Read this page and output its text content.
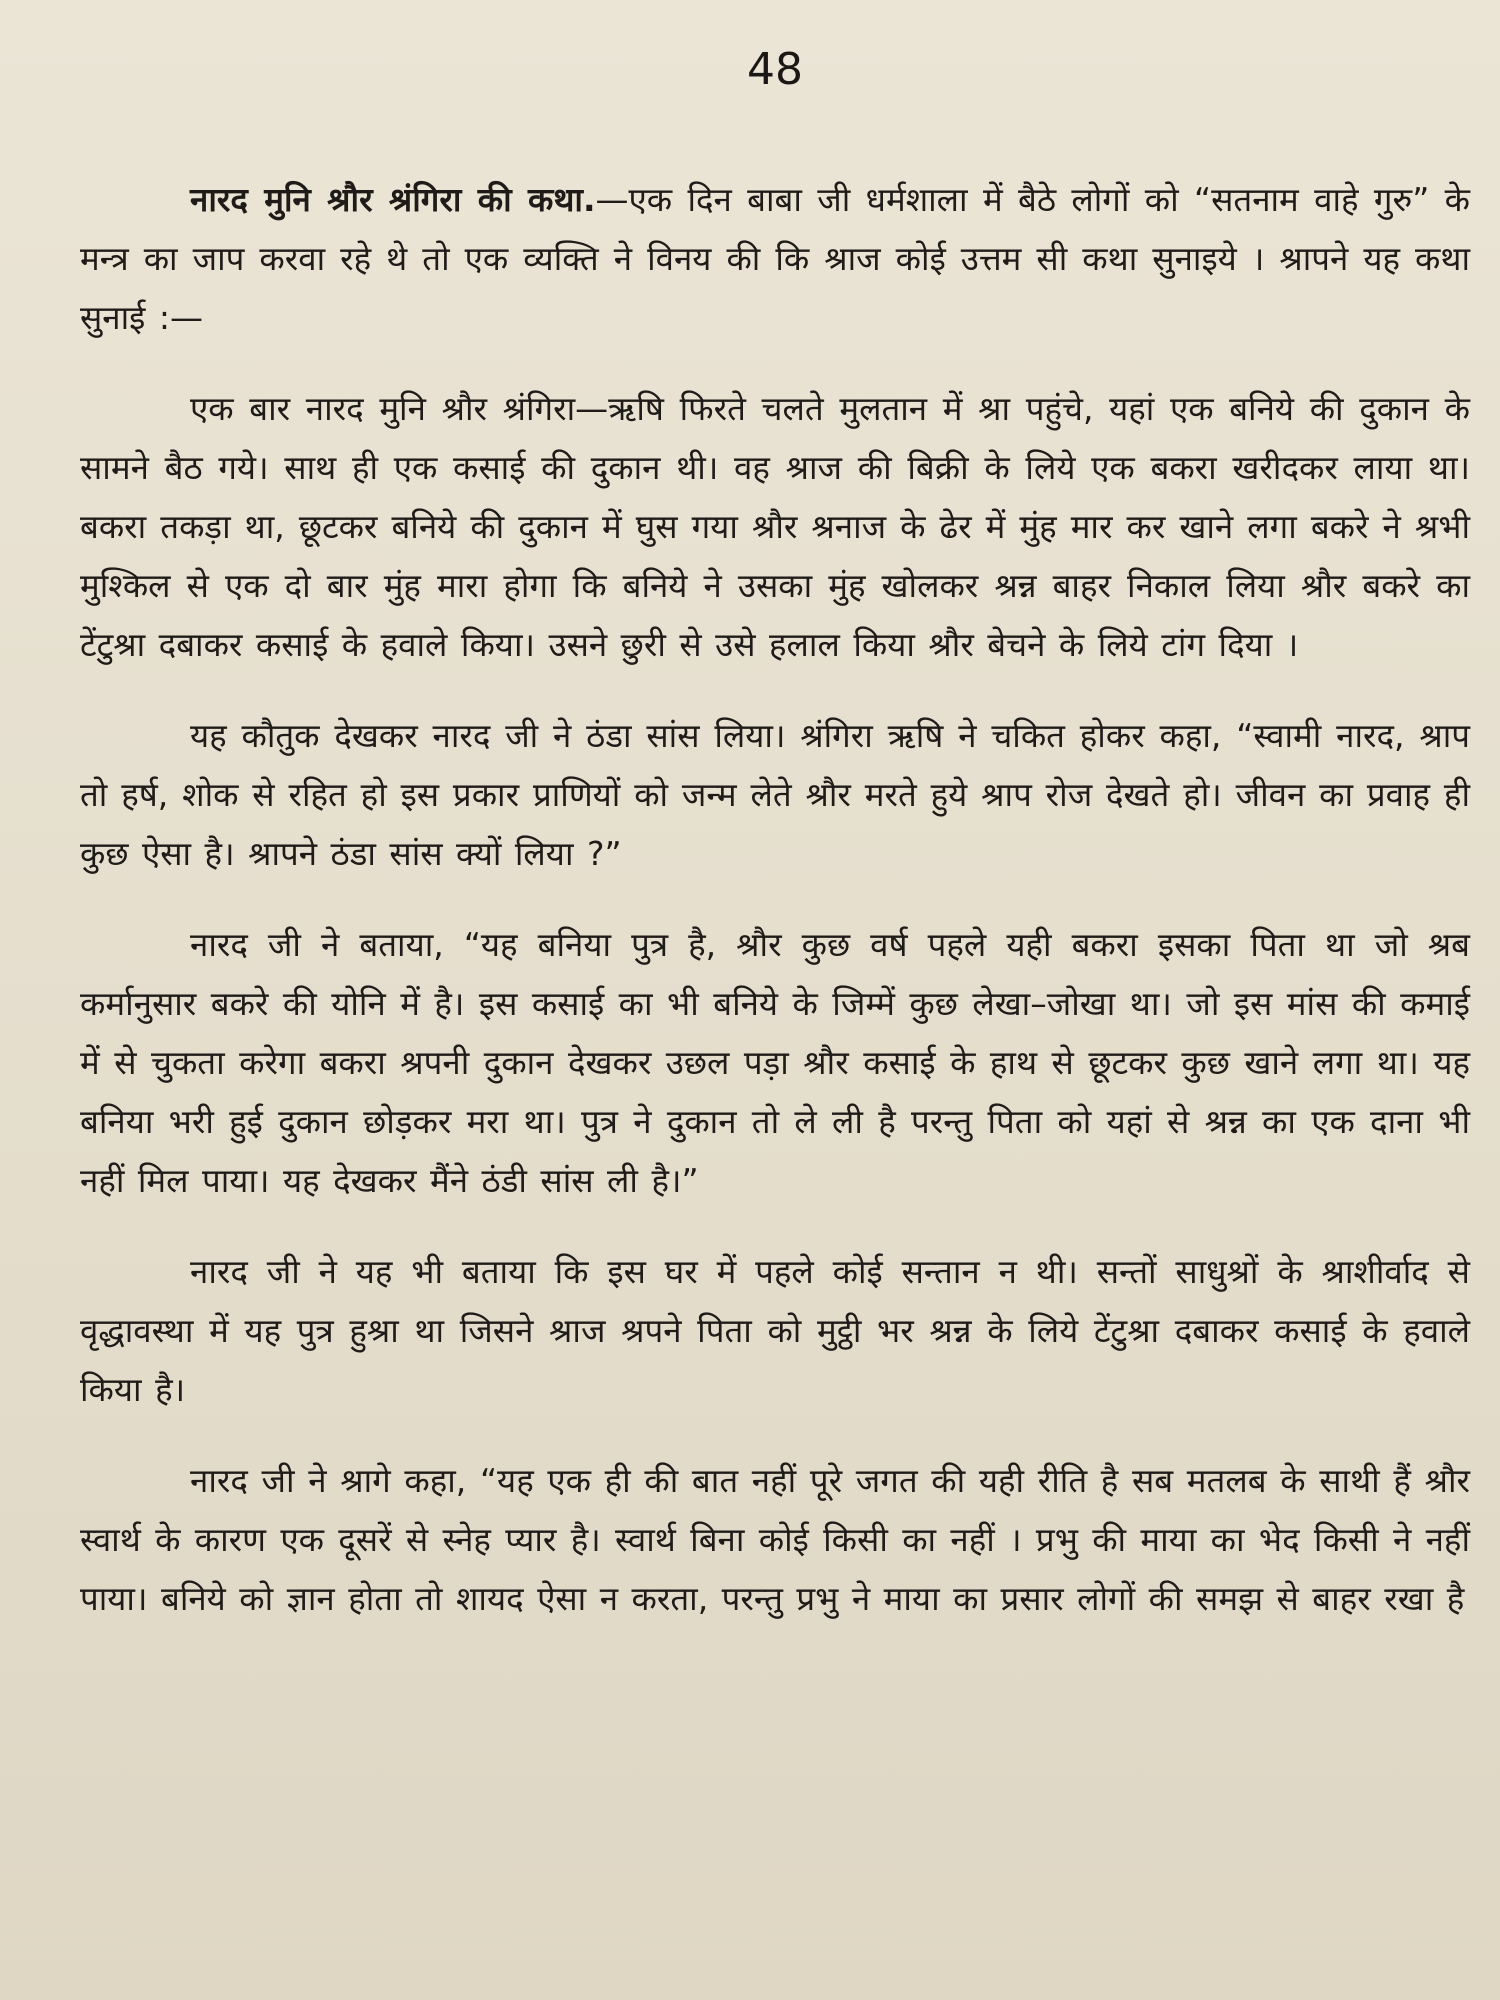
48

नारद मुनि श्रौर श्रंगिरा की कथा.—एक दिन बाबा जी धर्मशाला में बैठे लोगों को “सतनाम वाहे गुरु” के मन्त्र का जाप करवा रहे थे तो एक व्यक्ति ने विनय की कि श्राज कोई उत्तम सी कथा सुनाइये । श्रापने यह कथा सुनाई :—

एक बार नारद मुनि श्रौर श्रंगिरा—ऋषि फिरते चलते मुलतान में श्रा पहुंचे, यहां एक बनिये की दुकान के सामने बैठ गये। साथ ही एक कसाई की दुकान थी। वह श्राज की बिक्री के लिये एक बकरा खरीदकर लाया था। बकरा तकड़ा था, छूटकर बनिये की दुकान में घुस गया श्रौर श्रनाज के ढेर में मुंह मार कर खाने लगा बकरे ने श्रभी मुश्किल से एक दो बार मुंह मारा होगा कि बनिये ने उसका मुंह खोलकर श्रन्न बाहर निकाल लिया श्रौर बकरे का टेंटुश्रा दबाकर कसाई के हवाले किया। उसने छुरी से उसे हलाल किया श्रौर बेचने के लिये टांग दिया ।

यह कौतुक देखकर नारद जी ने ठंडा सांस लिया। श्रंगिरा ऋषि ने चकित होकर कहा, “स्वामी नारद, श्राप तो हर्ष, शोक से रहित हो इस प्रकार प्राणियों को जन्म लेते श्रौर मरते हुये श्राप रोज देखते हो। जीवन का प्रवाह ही कुछ ऐसा है। श्रापने ठंडा सांस क्यों लिया ?”

नारद जी ने बताया, “यह बनिया पुत्र है, श्रौर कुछ वर्ष पहले यही बकरा इसका पिता था जो श्रब कर्मानुसार बकरे की योनि में है। इस कसाई का भी बनिये के जिम्में कुछ लेखा–जोखा था। जो इस मांस की कमाई में से चुकता करेगा बकरा श्रपनी दुकान देखकर उछल पड़ा श्रौर कसाई के हाथ से छूटकर कुछ खाने लगा था। यह बनिया भरी हुई दुकान छोड़कर मरा था। पुत्र ने दुकान तो ले ली है परन्तु पिता को यहां से श्रन्न का एक दाना भी नहीं मिल पाया। यह देखकर मैंने ठंडी सांस ली है।”

नारद जी ने यह भी बताया कि इस घर में पहले कोई सन्तान न थी। सन्तों साधुश्रों के श्राशीर्वाद से वृद्धावस्था में यह पुत्र हुश्रा था जिसने श्राज श्रपने पिता को मुट्ठी भर श्रन्न के लिये टेंटुश्रा दबाकर कसाई के हवाले किया है।

नारद जी ने श्रागे कहा, “यह एक ही की बात नहीं पूरे जगत की यही रीति है सब मतलब के साथी हैं श्रौर स्वार्थ के कारण एक दूसरें से स्नेह प्यार है। स्वार्थ बिना कोई किसी का नहीं । प्रभु की माया का भेद किसी ने नहीं पाया। बनिये को ज्ञान होता तो शायद ऐसा न करता, परन्तु प्रभु ने माया का प्रसार लोगों की समझ से बाहर रखा है
